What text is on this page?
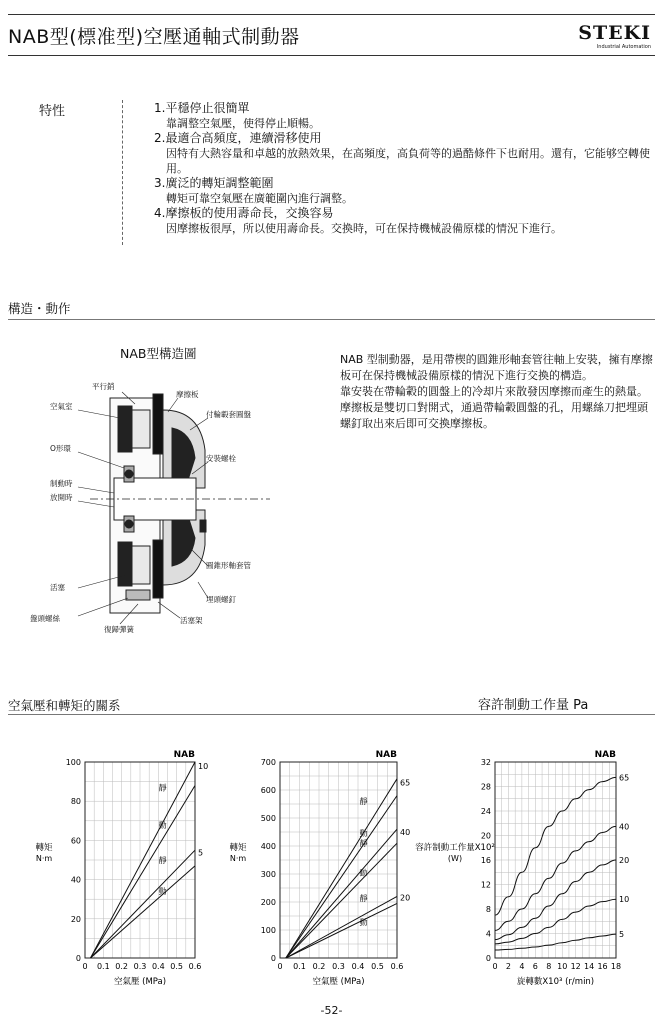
NAB型(標准型)空壓通軸式制動器	STEKI
Industrial Automation
特性	1.平穩停止很簡單
靠調整空氣壓，使得停止順暢。
2.最適合高頻度，連續滑移使用
因特有大熱容量和卓越的放熱效果，在高頻度，高負荷等的過酷條件下也耐用。還有，它能够空轉使用。
3.廣泛的轉矩調整範圍
轉矩可靠空氣壓在廣範圍內進行調整。
4.摩擦板的使用壽命長，交換容易
因摩擦板很厚，所以使用壽命長。交換時，可在保持機械設備原樣的情況下進行。
構造・動作
NAB型構造圖
平行銷
摩擦板
空氣室
付輪轂套圓盤
O形環
安裝螺栓
制動時
放開時
圓錐形軸套管
活塞
埋頭螺釘
盤頭螺絲
復歸彈簧
活塞架

NAB 型制動器，是用帶楔的圓錐形軸套管往軸上安裝，擁有摩擦板可在保持機械設備原樣的情況下進行交換的構造。

靠安裝在帶輪轂的圓盤上的冷却片來散發因摩擦而產生的熱量。

摩擦板是雙切口對開式，通過帶輪轂圓盤的孔，用螺絲刀把埋頭螺釘取出來后即可交換摩擦板。

空氣壓和轉矩的關系	容許制動工作量 Pa
0 0.1 0.2 0.3 0.4 0.5 0.6
0
20
40
60
80
100
NAB
空氣壓 (MPa)
轉矩
N·m
10
5
靜
動
靜
動
0 0.1 0.2 0.3 0.4 0.5 0.6
0
100
200
300
400
500
600
700
NAB
空氣壓 (MPa)
轉矩
N·m
65
40
20
靜
動
靜
動
靜
動
0 2 4 6 8 10 12 14 16 18
0
4
8
12
16
20
24
28
32
NAB
旋轉數X10³ (r/min)
容許制動工作量X10²
(W)
65
40
20
10
5
-52-
